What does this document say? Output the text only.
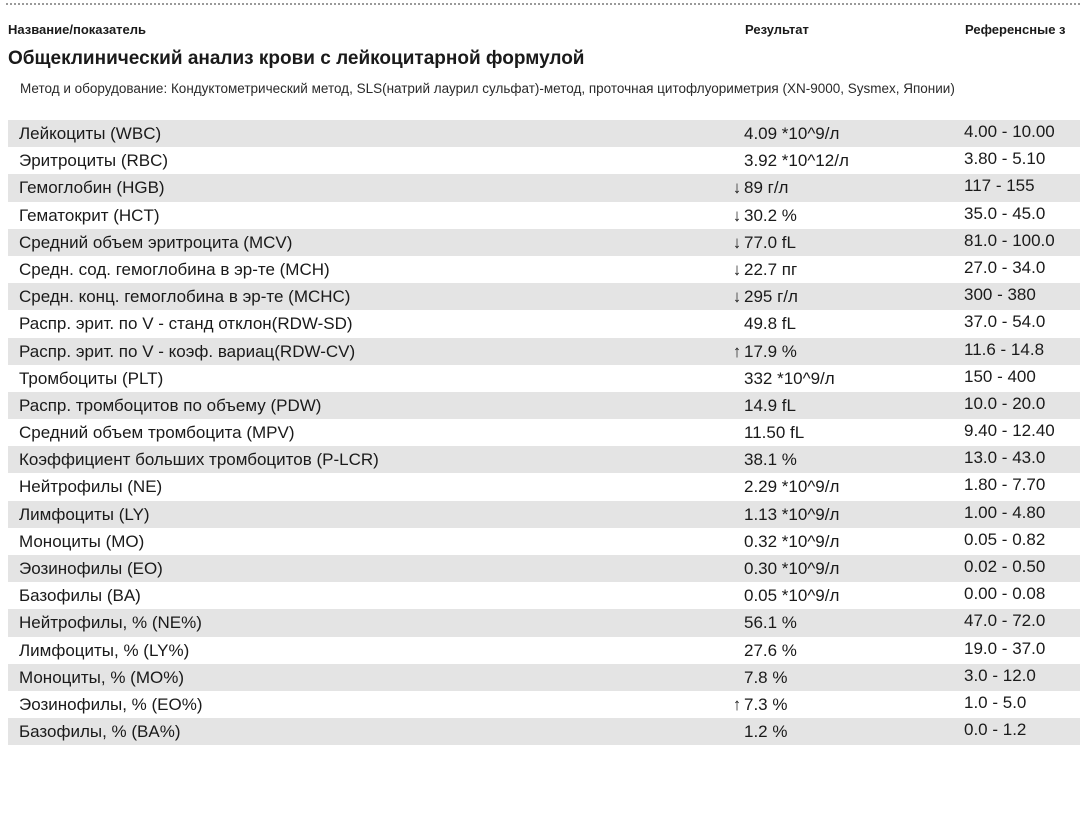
Название/показатель	Результат	Референсные з
Общеклинический анализ крови с лейкоцитарной формулой
Метод и оборудование: Кондуктометрический метод, SLS(натрий лаурил сульфат)-метод, проточная цитофлуориметрия (XN-9000, Sysmex, Японии)
Лейкоциты (WBC)	4.09 *10^9/л	4.00 - 10.00
Эритроциты (RBC)	3.92 *10^12/л	3.80 - 5.10
Гемоглобин (HGB)	↓ 89 г/л	117 - 155
Гематокрит (HCT)	↓ 30.2 %	35.0 - 45.0
Средний объем эритроцита (MCV)	↓ 77.0 fL	81.0 - 100.0
Средн. сод. гемоглобина в эр-те (MCH)	↓ 22.7 пг	27.0 - 34.0
Средн. конц. гемоглобина в эр-те (MCHC)	↓ 295 г/л	300 - 380
Распр. эрит. по V - станд отклон(RDW-SD)	49.8 fL	37.0 - 54.0
Распр. эрит. по V - коэф. вариац(RDW-CV)	↑ 17.9 %	11.6 - 14.8
Тромбоциты (PLT)	332 *10^9/л	150 - 400
Распр. тромбоцитов по объему (PDW)	14.9 fL	10.0 - 20.0
Средний объем тромбоцита (MPV)	11.50 fL	9.40 - 12.40
Коэффициент больших тромбоцитов (P-LCR)	38.1 %	13.0 - 43.0
Нейтрофилы (NE)	2.29 *10^9/л	1.80 - 7.70
Лимфоциты (LY)	1.13 *10^9/л	1.00 - 4.80
Моноциты (MO)	0.32 *10^9/л	0.05 - 0.82
Эозинофилы (EO)	0.30 *10^9/л	0.02 - 0.50
Базофилы (BA)	0.05 *10^9/л	0.00 - 0.08
Нейтрофилы, % (NE%)	56.1 %	47.0 - 72.0
Лимфоциты, % (LY%)	27.6 %	19.0 - 37.0
Моноциты, % (MO%)	7.8 %	3.0 - 12.0
Эозинофилы, % (EO%)	↑ 7.3 %	1.0 - 5.0
Базофилы, % (BA%)	1.2 %	0.0 - 1.2
